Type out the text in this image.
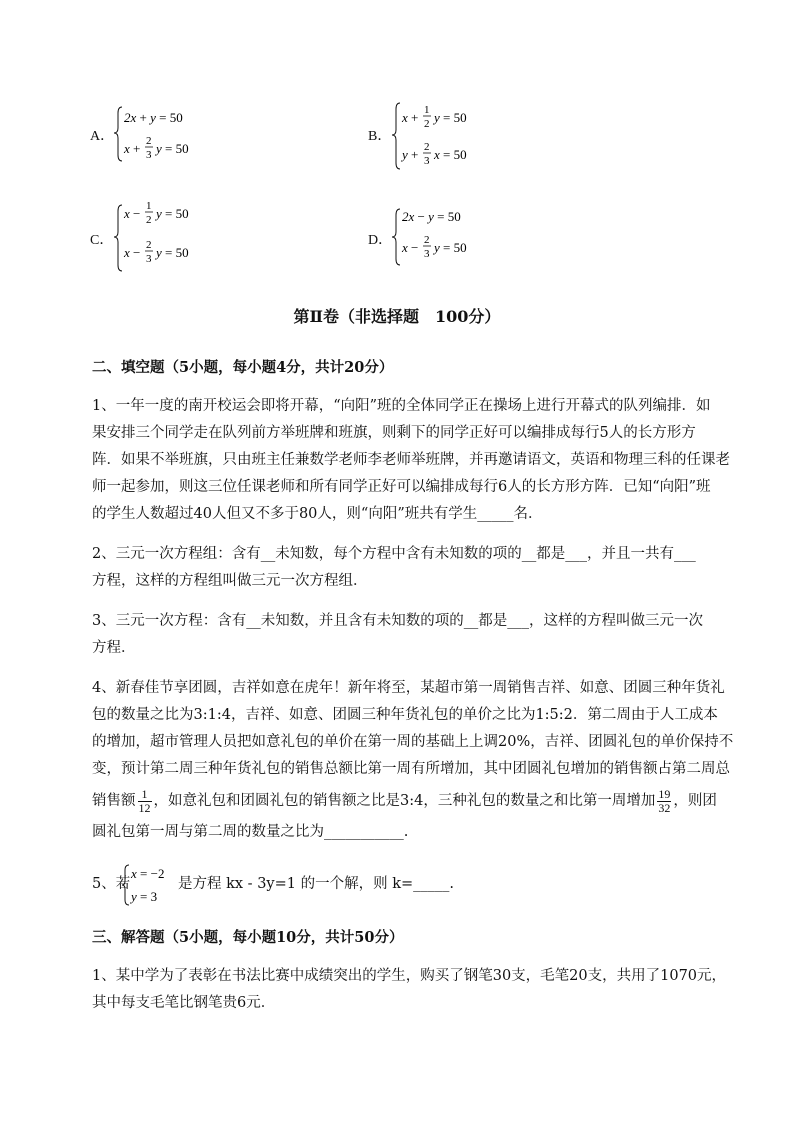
A．
2x + y = 50
x + 2
3 y = 50
B．
x + 1
2 y = 50
y + 2
3 x = 50
C．
x − 1
2 y = 50
x − 2
3 y = 50
D．
2x − y = 50
x − 2
3 y = 50
第Ⅱ卷（非选择题　100分）
二、填空题（5小题，每小题4分，共计20分）
1、一年一度的南开校运会即将开幕，“向阳”班的全体同学正在操场上进行开幕式的队列编排．如
果安排三个同学走在队列前方举班牌和班旗，则剩下的同学正好可以编排成每行5人的长方形方
阵．如果不举班旗，只由班主任兼数学老师李老师举班牌，并再邀请语文，英语和物理三科的任课老
师一起参加，则这三位任课老师和所有同学正好可以编排成每行6人的长方形方阵．已知“向阳”班
的学生人数超过40人但又不多于80人，则“向阳”班共有学生_____名．
2、三元一次方程组：含有__未知数，每个方程中含有未知数的项的__都是___，并且一共有___
方程，这样的方程组叫做三元一次方程组．
3、三元一次方程：含有__未知数，并且含有未知数的项的__都是___，这样的方程叫做三元一次
方程．
4、新春佳节享团圆，吉祥如意在虎年！新年将至，某超市第一周销售吉祥、如意、团圆三种年货礼
包的数量之比为3:1:4，吉祥、如意、团圆三种年货礼包的单价之比为1:5:2．第二周由于人工成本
的增加，超市管理人员把如意礼包的单价在第一周的基础上上调20%，吉祥、团圆礼包的单价保持不
变，预计第二周三种年货礼包的销售总额比第一周有所增加，其中团圆礼包增加的销售额占第二周总
销售额 $\frac{1}{12}$ ，如意礼包和团圆礼包的销售额之比是3:4，三种礼包的数量之和比第一周增加 $\frac{19}{32}$ ，则团
圆礼包第一周与第二周的数量之比为___________.
5、若
x = −2
y = 3
是方程 kx - 3y=1 的一个解，则 k=_____.
三、解答题（5小题，每小题10分，共计50分）
1、某中学为了表彰在书法比赛中成绩突出的学生，购买了钢笔30支，毛笔20支，共用了1070元，
其中每支毛笔比钢笔贵6元．
